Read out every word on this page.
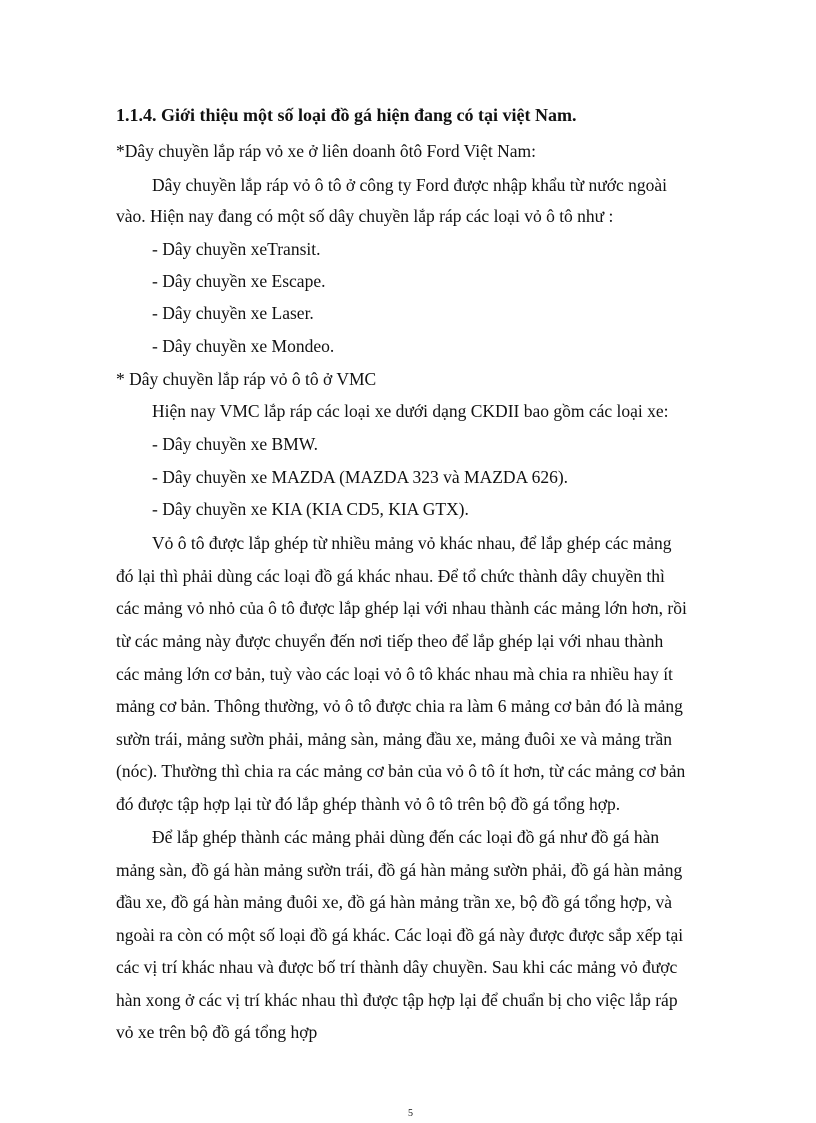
1.1.4. Giới thiệu một số loại đồ gá hiện đang có tại việt Nam.
*Dây chuyền lắp ráp vỏ xe ở liên doanh ôtô Ford Việt Nam:
Dây chuyền lắp ráp vỏ ô tô ở công ty Ford được nhập khẩu từ nước ngoài
vào. Hiện nay đang có một số dây chuyền lắp ráp các loại vỏ ô tô như :
- Dây chuyền xeTransit.
- Dây chuyền xe Escape.
- Dây chuyền xe Laser.
- Dây chuyền xe Mondeo.
* Dây chuyền lắp ráp vỏ ô tô ở VMC
Hiện nay VMC lắp ráp các loại xe dưới dạng CKDII bao gồm các loại xe:
- Dây chuyền xe BMW.
- Dây chuyền xe MAZDA (MAZDA 323 và MAZDA 626).
- Dây chuyền xe KIA (KIA CD5, KIA GTX).
Vỏ ô tô được lắp ghép từ nhiều mảng vỏ khác nhau, để lắp ghép các mảng
đó lại thì phải dùng các loại đồ gá khác nhau. Để tổ chức thành dây chuyền thì
các mảng vỏ nhỏ của ô tô được lắp ghép lại với nhau thành các mảng lớn hơn, rồi
từ các mảng này được chuyển đến nơi tiếp theo để lắp ghép lại với nhau thành
các mảng lớn cơ bản, tuỳ vào các loại vỏ ô tô khác nhau mà chia ra nhiều hay ít
mảng cơ bản. Thông thường, vỏ ô tô được chia ra làm 6 mảng cơ bản đó là mảng
sườn trái, mảng sườn phải, mảng sàn, mảng đầu xe, mảng đuôi xe và mảng trần
(nóc). Thường thì chia ra các mảng cơ bản của vỏ ô tô ít hơn, từ các mảng cơ bản
đó được tập hợp lại từ đó lắp ghép thành vỏ ô tô trên bộ đồ gá tổng hợp.
Để lắp ghép thành các mảng phải dùng đến các loại đồ gá như đồ gá hàn
mảng sàn, đồ gá hàn mảng sườn trái, đồ gá hàn mảng sườn phải, đồ gá hàn mảng
đầu xe, đồ gá hàn mảng đuôi xe, đồ gá hàn mảng trần xe, bộ đồ gá tổng hợp, và
ngoài ra còn có một số loại đồ gá khác. Các loại đồ gá này được được sắp xếp tại
các vị trí khác nhau và được bố trí thành dây chuyền. Sau khi các mảng vỏ được
hàn xong ở các vị trí khác nhau thì được tập hợp lại để chuẩn bị cho việc lắp ráp
vỏ xe trên bộ đồ gá tổng hợp
5
